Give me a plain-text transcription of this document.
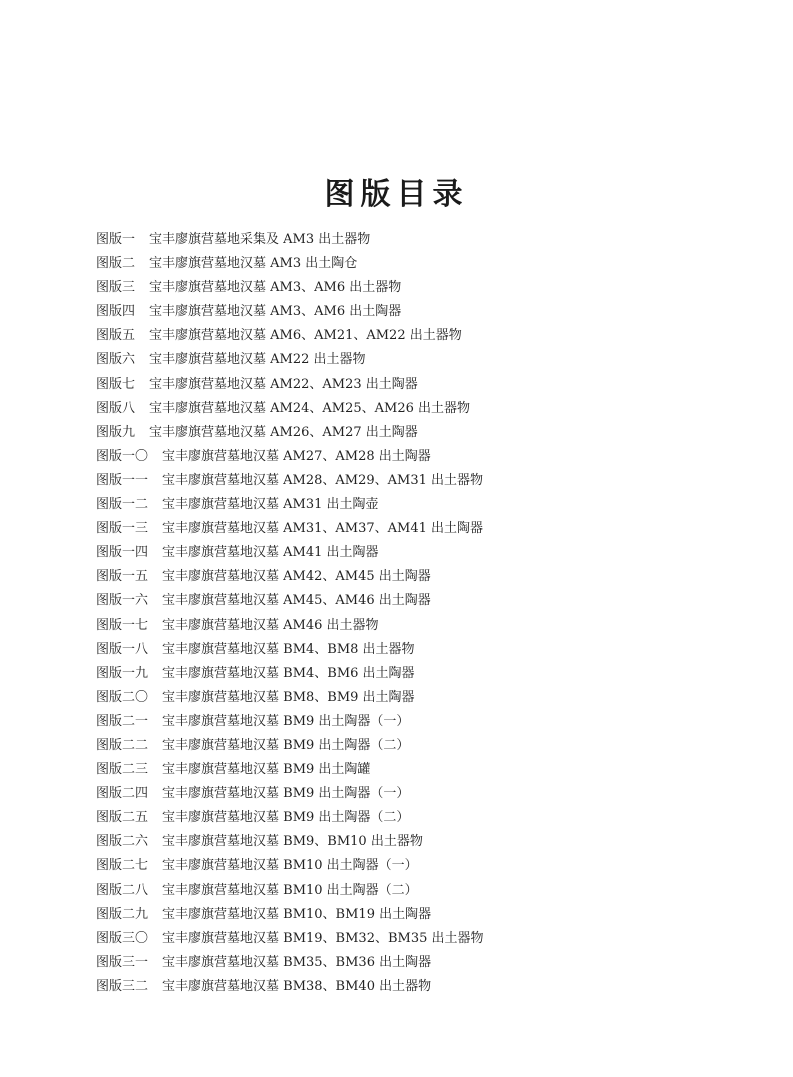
图版目录
图版一 宝丰廖旗营墓地采集及 AM3 出土器物
图版二 宝丰廖旗营墓地汉墓 AM3 出土陶仓
图版三 宝丰廖旗营墓地汉墓 AM3、AM6 出土器物
图版四 宝丰廖旗营墓地汉墓 AM3、AM6 出土陶器
图版五 宝丰廖旗营墓地汉墓 AM6、AM21、AM22 出土器物
图版六 宝丰廖旗营墓地汉墓 AM22 出土器物
图版七 宝丰廖旗营墓地汉墓 AM22、AM23 出土陶器
图版八 宝丰廖旗营墓地汉墓 AM24、AM25、AM26 出土器物
图版九 宝丰廖旗营墓地汉墓 AM26、AM27 出土陶器
图版一〇 宝丰廖旗营墓地汉墓 AM27、AM28 出土陶器
图版一一 宝丰廖旗营墓地汉墓 AM28、AM29、AM31 出土器物
图版一二 宝丰廖旗营墓地汉墓 AM31 出土陶壶
图版一三 宝丰廖旗营墓地汉墓 AM31、AM37、AM41 出土陶器
图版一四 宝丰廖旗营墓地汉墓 AM41 出土陶器
图版一五 宝丰廖旗营墓地汉墓 AM42、AM45 出土陶器
图版一六 宝丰廖旗营墓地汉墓 AM45、AM46 出土陶器
图版一七 宝丰廖旗营墓地汉墓 AM46 出土器物
图版一八 宝丰廖旗营墓地汉墓 BM4、BM8 出土器物
图版一九 宝丰廖旗营墓地汉墓 BM4、BM6 出土陶器
图版二〇 宝丰廖旗营墓地汉墓 BM8、BM9 出土陶器
图版二一 宝丰廖旗营墓地汉墓 BM9 出土陶器（一）
图版二二 宝丰廖旗营墓地汉墓 BM9 出土陶器（二）
图版二三 宝丰廖旗营墓地汉墓 BM9 出土陶罐
图版二四 宝丰廖旗营墓地汉墓 BM9 出土陶器（一）
图版二五 宝丰廖旗营墓地汉墓 BM9 出土陶器（二）
图版二六 宝丰廖旗营墓地汉墓 BM9、BM10 出土器物
图版二七 宝丰廖旗营墓地汉墓 BM10 出土陶器（一）
图版二八 宝丰廖旗营墓地汉墓 BM10 出土陶器（二）
图版二九 宝丰廖旗营墓地汉墓 BM10、BM19 出土陶器
图版三〇 宝丰廖旗营墓地汉墓 BM19、BM32、BM35 出土器物
图版三一 宝丰廖旗营墓地汉墓 BM35、BM36 出土陶器
图版三二 宝丰廖旗营墓地汉墓 BM38、BM40 出土器物
